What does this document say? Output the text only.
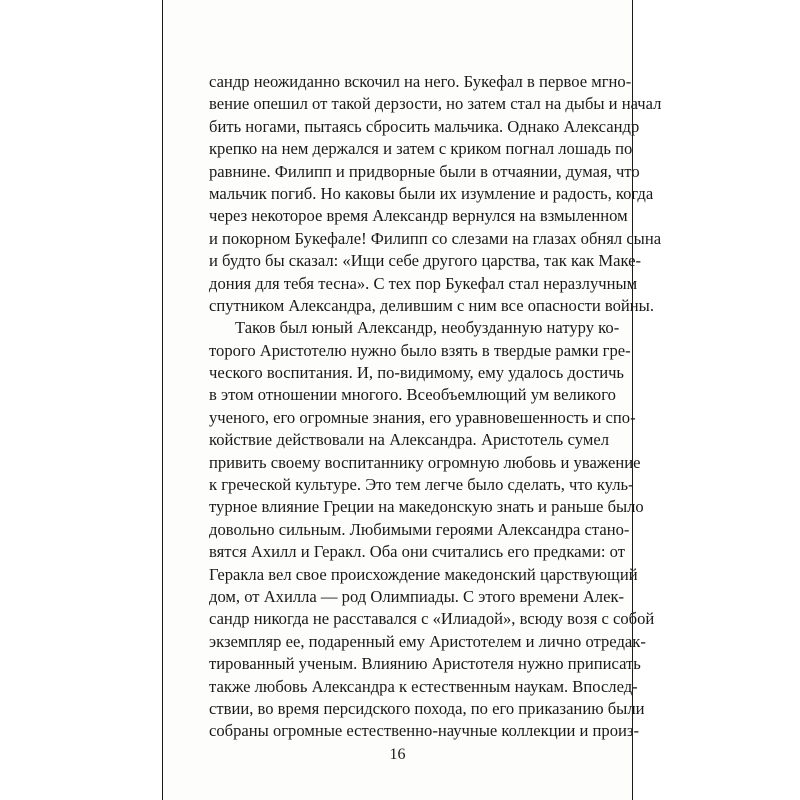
сандр неожиданно вскочил на него. Букефал в первое мгно-
вение опешил от такой дерзости, но затем стал на дыбы и начал
бить ногами, пытаясь сбросить мальчика. Однако Александр
крепко на нем держался и затем с криком погнал лошадь по
равнине. Филипп и придворные были в отчаянии, думая, что
мальчик погиб. Но каковы были их изумление и радость, когда
через некоторое время Александр вернулся на взмыленном
и покорном Букефале! Филипп со слезами на глазах обнял сына
и будто бы сказал: «Ищи себе другого царства, так как Маке-
дония для тебя тесна». С тех пор Букефал стал неразлучным
спутником Александра, делившим с ним все опасности войны.
Таков был юный Александр, необузданную натуру ко-
торого Аристотелю нужно было взять в твердые рамки гре-
ческого воспитания. И, по-видимому, ему удалось достичь
в этом отношении многого. Всеобъемлющий ум великого
ученого, его огромные знания, его уравновешенность и спо-
койствие действовали на Александра. Аристотель сумел
привить своему воспитаннику огромную любовь и уважение
к греческой культуре. Это тем легче было сделать, что куль-
турное влияние Греции на македонскую знать и раньше было
довольно сильным. Любимыми героями Александра стано-
вятся Ахилл и Геракл. Оба они считались его предками: от
Геракла вел свое происхождение македонский царствующий
дом, от Ахилла — род Олимпиады. С этого времени Алек-
сандр никогда не расставался с «Илиадой», всюду возя с собой
экземпляр ее, подаренный ему Аристотелем и лично отредак-
тированный ученым. Влиянию Аристотеля нужно приписать
также любовь Александра к естественным наукам. Впослед-
ствии, во время персидского похода, по его приказанию были
собраны огромные естественно-научные коллекции и произ-
16
